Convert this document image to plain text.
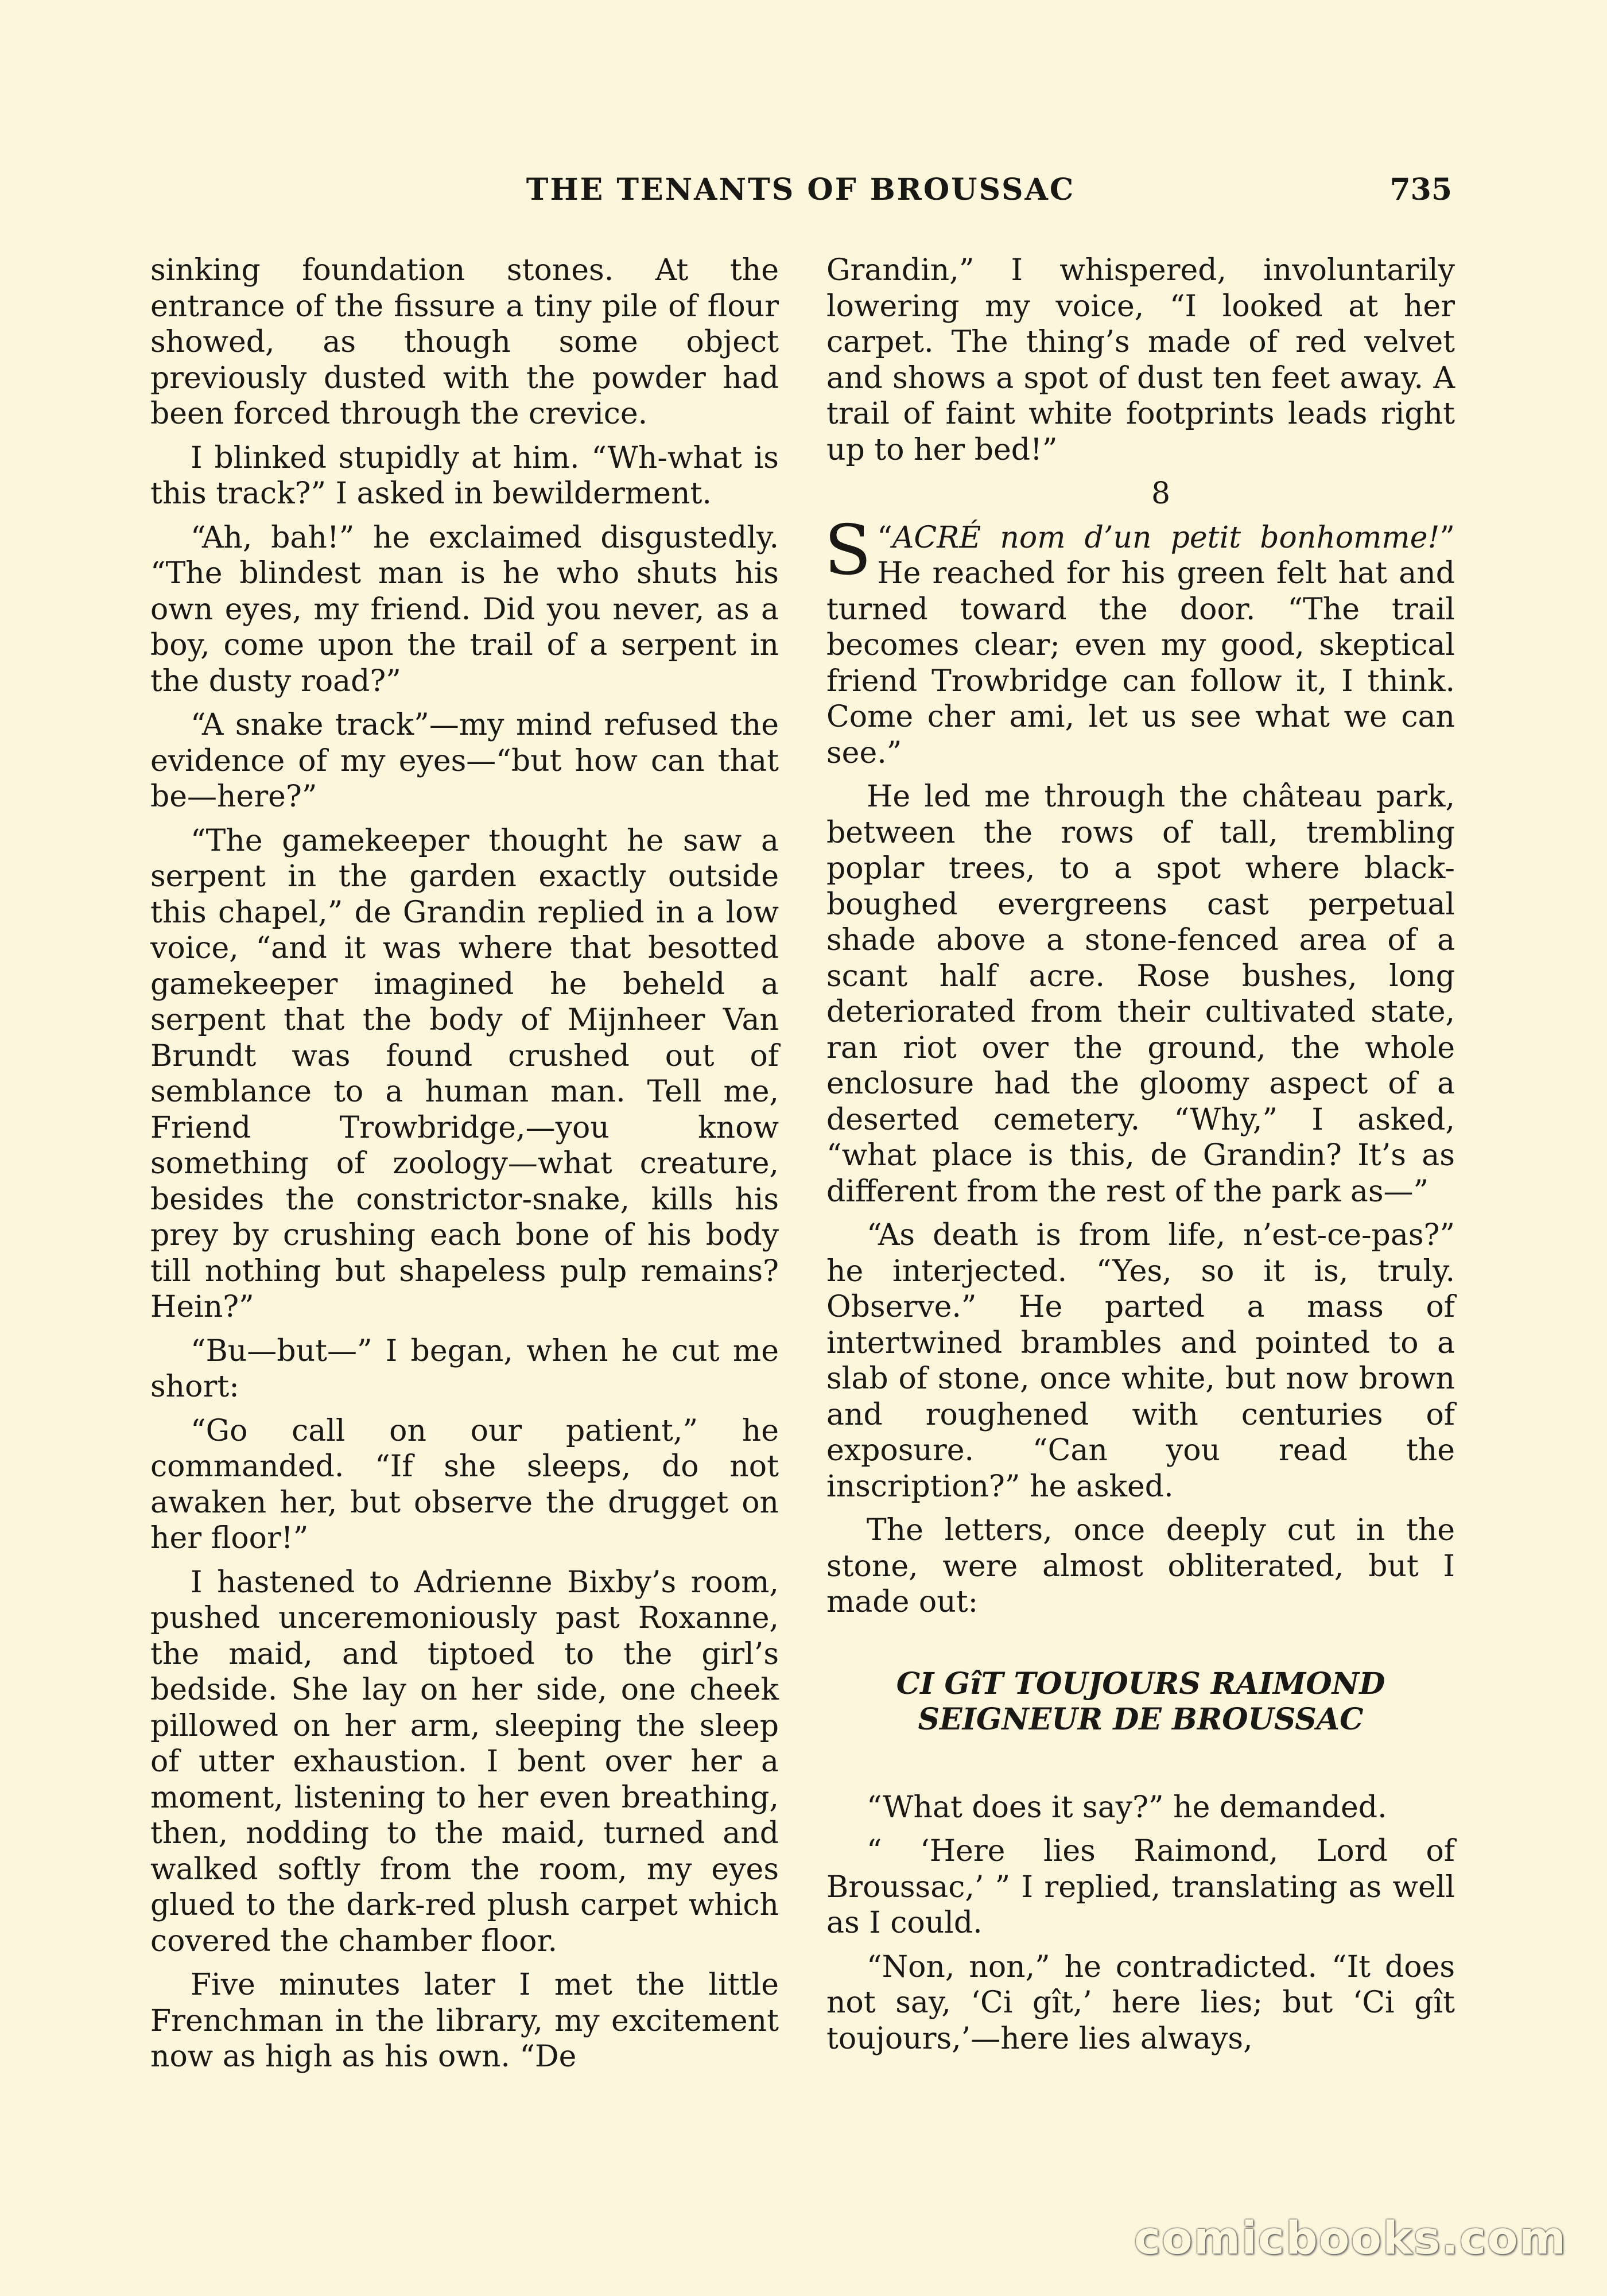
THE TENANTS OF BROUSSAC	735

sinking foundation stones. At the entrance of the fissure a tiny pile of flour showed, as though some object previously dusted with the powder had been forced through the crevice.

I blinked stupidly at him. “Wh-what is this track?” I asked in bewilderment.

“Ah, bah!” he exclaimed disgustedly. “The blindest man is he who shuts his own eyes, my friend. Did you never, as a boy, come upon the trail of a serpent in the dusty road?”

“A snake track”—my mind refused the evidence of my eyes—“but how can that be—here?”

“The gamekeeper thought he saw a serpent in the garden exactly outside this chapel,” de Grandin replied in a low voice, “and it was where that besotted gamekeeper imagined he beheld a serpent that the body of Mijnheer Van Brundt was found crushed out of semblance to a human man. Tell me, Friend Trowbridge,—you know something of zoology—what creature, besides the constrictor-snake, kills his prey by crushing each bone of his body till nothing but shapeless pulp remains? Hein?”

“Bu—but—” I began, when he cut me short:

“Go call on our patient,” he commanded. “If she sleeps, do not awaken her, but observe the drugget on her floor!”

I hastened to Adrienne Bixby’s room, pushed unceremoniously past Roxanne, the maid, and tiptoed to the girl’s bedside. She lay on her side, one cheek pillowed on her arm, sleeping the sleep of utter exhaustion. I bent over her a moment, listening to her even breathing, then, nodding to the maid, turned and walked softly from the room, my eyes glued to the dark-red plush carpet which covered the chamber floor.

Five minutes later I met the little Frenchman in the library, my excitement now as high as his own. “De

Grandin,” I whispered, involuntarily lowering my voice, “I looked at her carpet. The thing’s made of red velvet and shows a spot of dust ten feet away. A trail of faint white footprints leads right up to her bed!”

8

“
S ACRÉ nom d’un petit bonhomme!” He reached for his green felt hat and turned toward the door. “The trail becomes clear; even my good, skeptical friend Trowbridge can follow it, I think. Come cher ami, let us see what we can see.”

He led me through the château park, between the rows of tall, trembling poplar trees, to a spot where black-boughed evergreens cast perpetual shade above a stone-fenced area of a scant half acre. Rose bushes, long deteriorated from their cultivated state, ran riot over the ground, the whole enclosure had the gloomy aspect of a deserted cemetery. “Why,” I asked, “what place is this, de Grandin? It’s as different from the rest of the park as—”

“As death is from life, n’est-ce-pas?” he interjected. “Yes, so it is, truly. Observe.” He parted a mass of intertwined brambles and pointed to a slab of stone, once white, but now brown and roughened with centuries of exposure. “Can you read the inscription?” he asked.

The letters, once deeply cut in the stone, were almost obliterated, but I made out:

CI GîT TOUJOURS RAIMOND
SEIGNEUR DE BROUSSAC

“What does it say?” he demanded.

“ ‘Here lies Raimond, Lord of Broussac,’ ” I replied, translating as well as I could.

“Non, non,” he contradicted. “It does not say, ‘Ci gît,’ here lies; but ‘Ci gît toujours,’—here lies always,

comicbooks.com
